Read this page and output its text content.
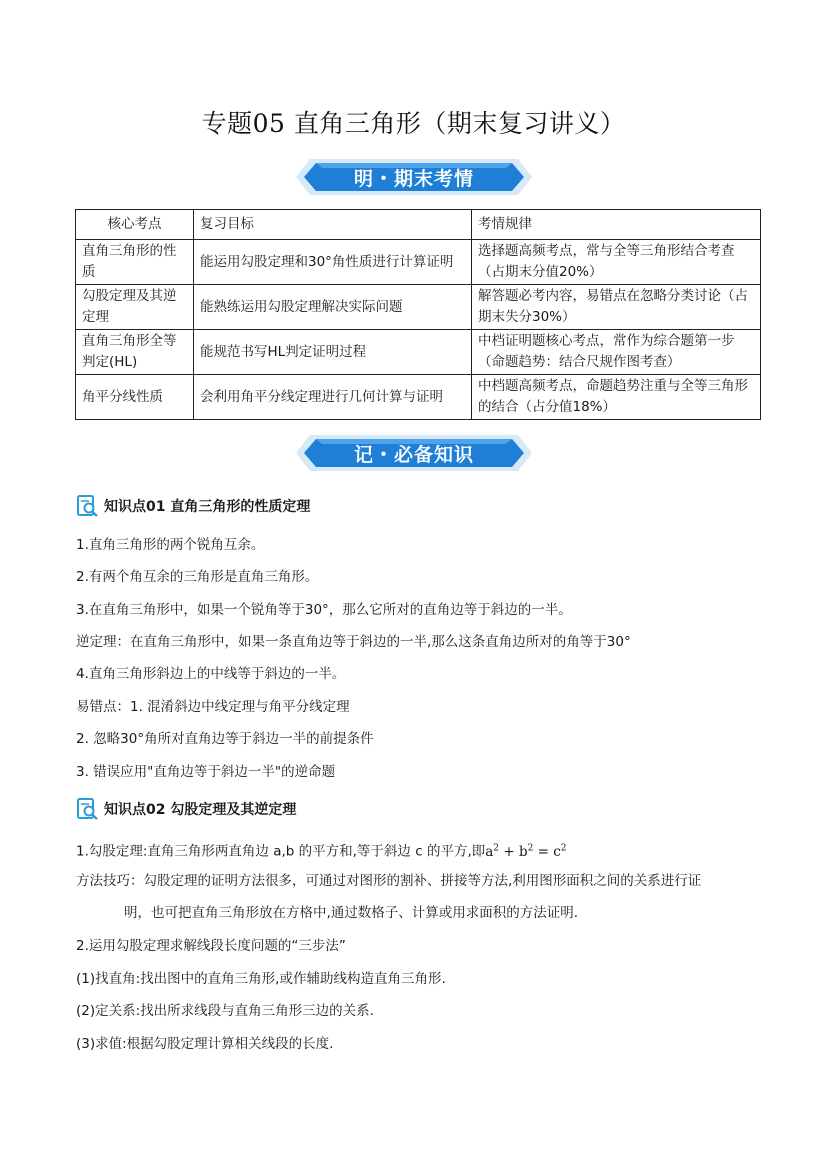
专题05 直角三角形（期末复习讲义）
明・期末考情
核心考点	复习目标	考情规律
直角三角形的性质	能运用勾股定理和30°角性质进行计算证明	选择题高频考点，常与全等三角形结合考查（占期末分值20%）
勾股定理及其逆定理	能熟练运用勾股定理解决实际问题	解答题必考内容，易错点在忽略分类讨论（占期末失分30%）
直角三角形全等判定(HL)	能规范书写HL判定证明过程	中档证明题核心考点，常作为综合题第一步（命题趋势：结合尺规作图考查）
角平分线性质	会利用角平分线定理进行几何计算与证明	中档题高频考点，命题趋势注重与全等三角形的结合（占分值18%）
记・必备知识
知识点01 直角三角形的性质定理
1.直角三角形的两个锐角互余。
2.有两个角互余的三角形是直角三角形。
3.在直角三角形中，如果一个锐角等于30°，那么它所对的直角边等于斜边的一半。
逆定理：在直角三角形中，如果一条直角边等于斜边的一半,那么这条直角边所对的角等于30°
4.直角三角形斜边上的中线等于斜边的一半。
易错点：1. 混淆斜边中线定理与角平分线定理
2. 忽略30°角所对直角边等于斜边一半的前提条件
3. 错误应用"直角边等于斜边一半"的逆命题
知识点02 勾股定理及其逆定理
1.勾股定理:直角三角形两直角边 a,b 的平方和,等于斜边 c 的平方,即$a^2 + b^2 = c^2$
方法技巧：勾股定理的证明方法很多，可通过对图形的割补、拼接等方法,利用图形面积之间的关系进行证
明，也可把直角三角形放在方格中,通过数格子、计算或用求面积的方法证明.
2.运用勾股定理求解线段长度问题的“三步法”
(1)找直角:找出图中的直角三角形,或作辅助线构造直角三角形.
(2)定关系:找出所求线段与直角三角形三边的关系.
(3)求值:根据勾股定理计算相关线段的长度.
